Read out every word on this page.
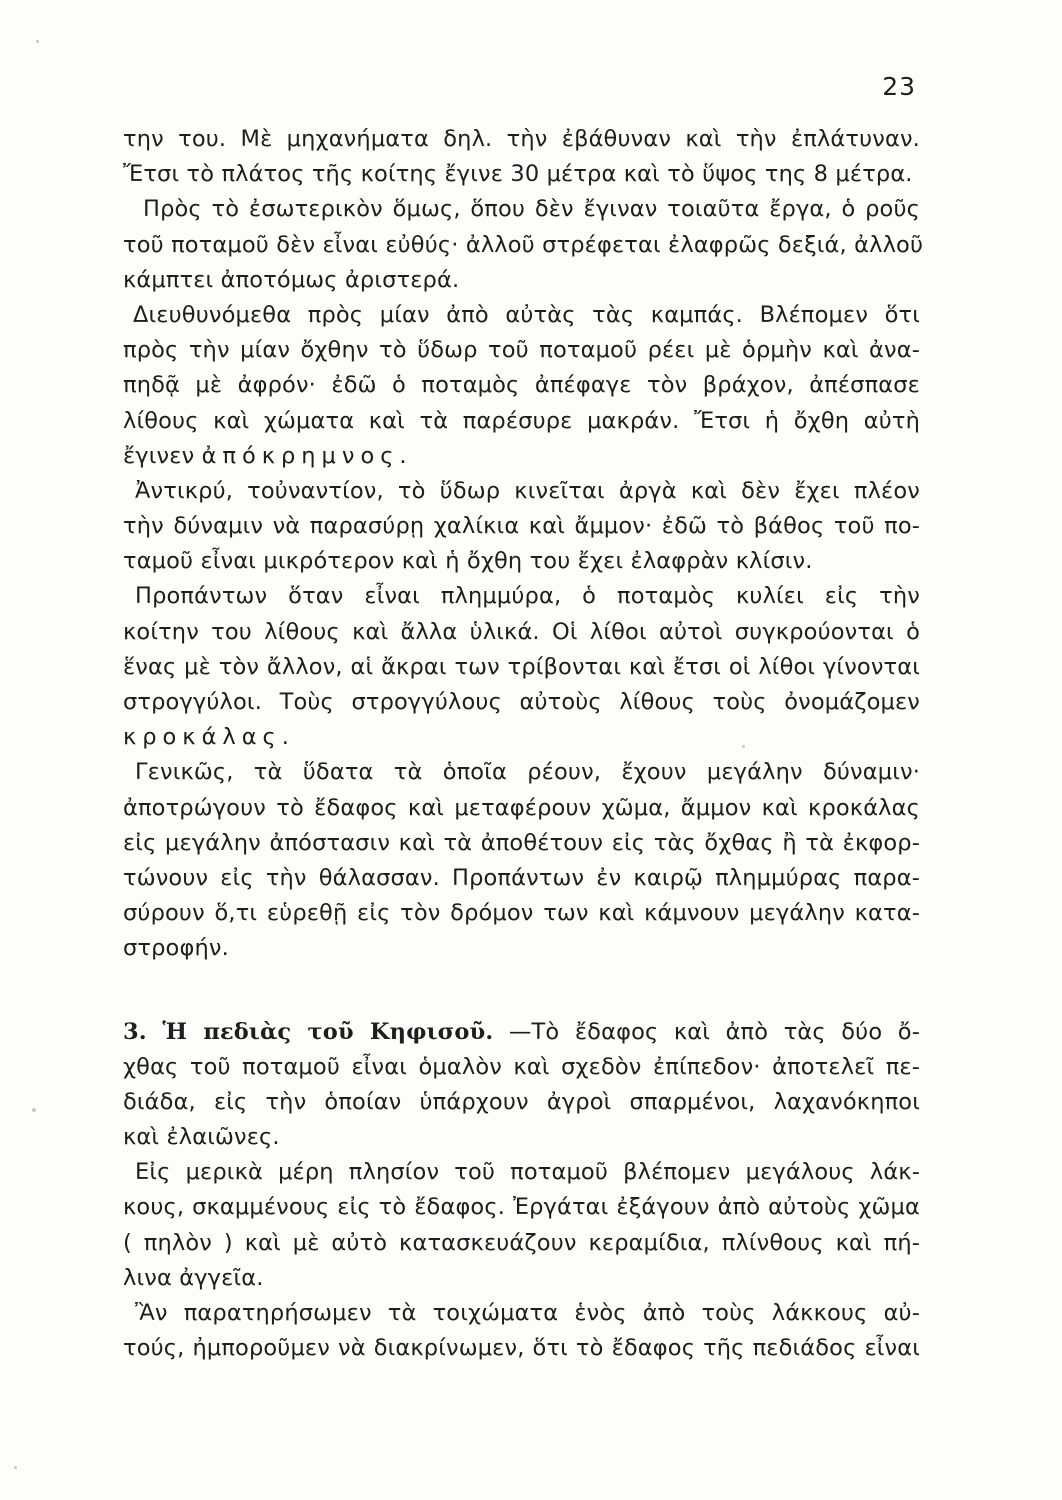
23
την του. Μὲ μηχανήματα δηλ. τὴν ἐβάθυναν καὶ τὴν ἐπλάτυναν.
Ἔτσι τὸ πλάτος τῆς κοίτης ἔγινε 30 μέτρα καὶ τὸ ὕψος της 8 μέτρα.
Πρὸς τὸ ἐσωτερικὸν ὅμως, ὅπου δὲν ἔγιναν τοιαῦτα ἔργα, ὁ ροῦς
τοῦ ποταμοῦ δὲν εἶναι εὐθύς· ἀλλοῦ στρέφεται ἐλαφρῶς δεξιά, ἀλλοῦ
κάμπτει ἀποτόμως ἀριστερά.
Διευθυνόμεθα πρὸς μίαν ἀπὸ αὐτὰς τὰς καμπάς. Βλέπομεν ὅτι
πρὸς τὴν μίαν ὄχθην τὸ ὕδωρ τοῦ ποταμοῦ ρέει μὲ ὁρμὴν καὶ ἀνα-
πηδᾷ μὲ ἀφρόν· ἐδῶ ὁ ποταμὸς ἀπέφαγε τὸν βράχον, ἀπέσπασε
λίθους καὶ χώματα καὶ τὰ παρέσυρε μακράν. Ἔτσι ἡ ὄχθη αὐτὴ
ἔγινεν ἀπόκρημνος.
Ἀντικρύ, τοὐναντίον, τὸ ὕδωρ κινεῖται ἀργὰ καὶ δὲν ἔχει πλέον
τὴν δύναμιν νὰ παρασύρῃ χαλίκια καὶ ἄμμον· ἐδῶ τὸ βάθος τοῦ πο-
ταμοῦ εἶναι μικρότερον καὶ ἡ ὄχθη του ἔχει ἐλαφρὰν κλίσιν.
Προπάντων ὅταν εἶναι πλημμύρα, ὁ ποταμὸς κυλίει εἰς τὴν
κοίτην του λίθους καὶ ἄλλα ὑλικά. Οἱ λίθοι αὐτοὶ συγκρούονται ὁ
ἕνας μὲ τὸν ἄλλον, αἱ ἄκραι των τρίβονται καὶ ἔτσι οἱ λίθοι γίνονται
στρογγύλοι. Τοὺς στρογγύλους αὐτοὺς λίθους τοὺς ὀνομάζομεν
κροκάλας.
Γενικῶς, τὰ ὕδατα τὰ ὁποῖα ρέουν, ἔχουν μεγάλην δύναμιν·
ἀποτρώγουν τὸ ἔδαφος καὶ μεταφέρουν χῶμα, ἄμμον καὶ κροκάλας
εἰς μεγάλην ἀπόστασιν καὶ τὰ ἀποθέτουν εἰς τὰς ὄχθας ἢ τὰ ἐκφορ-
τώνουν εἰς τὴν θάλασσαν. Προπάντων ἐν καιρῷ πλημμύρας παρα-
σύρουν ὅ,τι εὑρεθῇ εἰς τὸν δρόμον των καὶ κάμνουν μεγάλην κατα-
στροφήν.
3. Ἡ πεδιὰς τοῦ Κηφισοῦ. —Τὸ ἔδαφος καὶ ἀπὸ τὰς δύο ὄ-
χθας τοῦ ποταμοῦ εἶναι ὁμαλὸν καὶ σχεδὸν ἐπίπεδον· ἀποτελεῖ πε-
διάδα, εἰς τὴν ὁποίαν ὑπάρχουν ἀγροὶ σπαρμένοι, λαχανόκηποι
καὶ ἐλαιῶνες.
Εἰς μερικὰ μέρη πλησίον τοῦ ποταμοῦ βλέπομεν μεγάλους λάκ-
κους, σκαμμένους εἰς τὸ ἔδαφος. Ἐργάται ἐξάγουν ἀπὸ αὐτοὺς χῶμα
( πηλὸν ) καὶ μὲ αὐτὸ κατασκευάζουν κεραμίδια, πλίνθους καὶ πή-
λινα ἀγγεῖα.
Ἂν παρατηρήσωμεν τὰ τοιχώματα ἑνὸς ἀπὸ τοὺς λάκκους αὐ-
τούς, ἠμποροῦμεν νὰ διακρίνωμεν, ὅτι τὸ ἔδαφος τῆς πεδιάδος εἶναι
